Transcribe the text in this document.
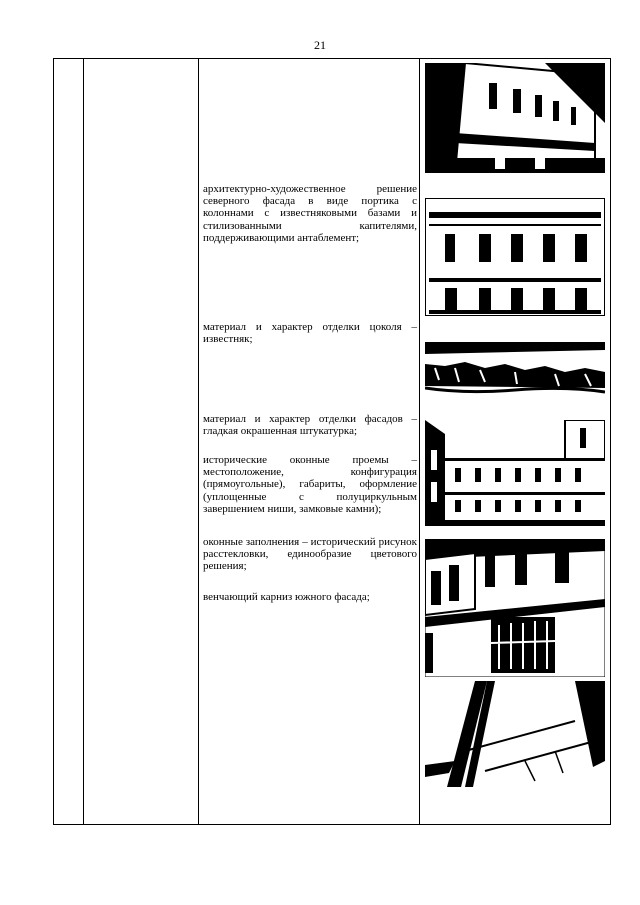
21
архитектурно-художественное решение северного фасада в виде портика с колоннами с известняковыми базами и стилизованными капителями, поддерживающими антаблемент;
материал и характер отделки цоколя – известняк;
материал и характер отделки фасадов – гладкая окрашенная штукатурка;
исторические оконные проемы – местоположение, конфигурация (прямоугольные), габариты, оформление (уплощенные с полуциркульным завершением ниши, замковые камни);
оконные заполнения – исторический рисунок расстекловки, единообразие цветового решения;
венчающий карниз южного фасада;
